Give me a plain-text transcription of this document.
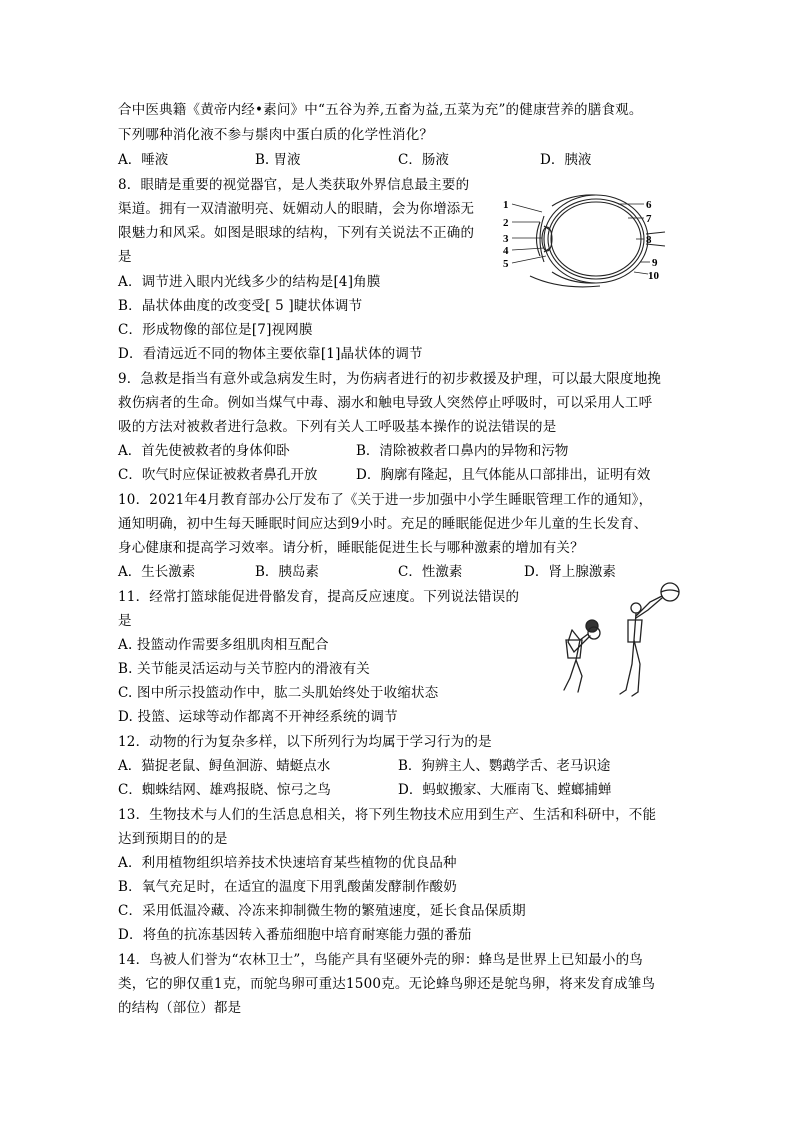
合中医典籍《黄帝内经•素问》中“五谷为养,五畜为益,五菜为充”的健康营养的膳食观。
下列哪种消化液不参与鬃肉中蛋白质的化学性消化？
A．唾液	B. 胃液	C．肠液	D．胰液
8．眼睛是重要的视觉器官，是人类获取外界信息最主要的
渠道。拥有一双清澈明亮、妩媚动人的眼睛，会为你增添无
限魅力和风采。如图是眼球的结构，下列有关说法不正确的
是
A．调节进入眼内光线多少的结构是[4]角膜
B．晶状体曲度的改变受[ 5 ]睫状体调节
C．形成物像的部位是[7]视网膜
D．看清远近不同的物体主要依靠[1]晶状体的调节
1
2
3
4
5
6
7
8
9
10
9．急救是指当有意外或急病发生时，为伤病者进行的初步救援及护理，可以最大限度地挽
救伤病者的生命。例如当煤气中毒、溺水和触电导致人突然停止呼吸时，可以采用人工呼
吸的方法对被救者进行急救。下列有关人工呼吸基本操作的说法错误的是
A．首先使被救者的身体仰卧	B．清除被救者口鼻内的异物和污物
C．吹气时应保证被救者鼻孔开放	D．胸廓有隆起，且气体能从口部排出，证明有效
10．2021年4月教育部办公厅发布了《关于进一步加强中小学生睡眠管理工作的通知》，
通知明确，初中生每天睡眠时间应达到9小时。充足的睡眠能促进少年儿童的生长发育、
身心健康和提高学习效率。请分析，睡眠能促进生长与哪种激素的增加有关？
A．生长激素	B．胰岛素	C．性激素	D．肾上腺激素
11．经常打篮球能促进骨骼发育，提高反应速度。下列说法错误的
是
A. 投篮动作需要多组肌肉相互配合
B. 关节能灵活运动与关节腔内的滑液有关
C. 图中所示投篮动作中，肱二头肌始终处于收缩状态
D. 投篮、运球等动作都离不开神经系统的调节
12．动物的行为复杂多样，以下所列行为均属于学习行为的是
A．猫捉老鼠、鲟鱼洄游、蜻蜓点水	B．狗辨主人、鹦鹉学舌、老马识途
C．蜘蛛结网、雄鸡报晓、惊弓之鸟	D．蚂蚁搬家、大雁南飞、螳螂捕蝉
13．生物技术与人们的生活息息相关，将下列生物技术应用到生产、生活和科研中，不能
达到预期目的的是
A．利用植物组织培养技术快速培育某些植物的优良品种
B．氧气充足时，在适宜的温度下用乳酸菌发酵制作酸奶
C．采用低温冷藏、冷冻来抑制微生物的繁殖速度，延长食品保质期
D．将鱼的抗冻基因转入番茄细胞中培育耐寒能力强的番茄
14．鸟被人们誉为“农林卫士”，鸟能产具有坚硬外壳的卵：蜂鸟是世界上已知最小的鸟
类，它的卵仅重1克，而鸵鸟卵可重达1500克。无论蜂鸟卵还是鸵鸟卵，将来发育成雏鸟
的结构（部位）都是
